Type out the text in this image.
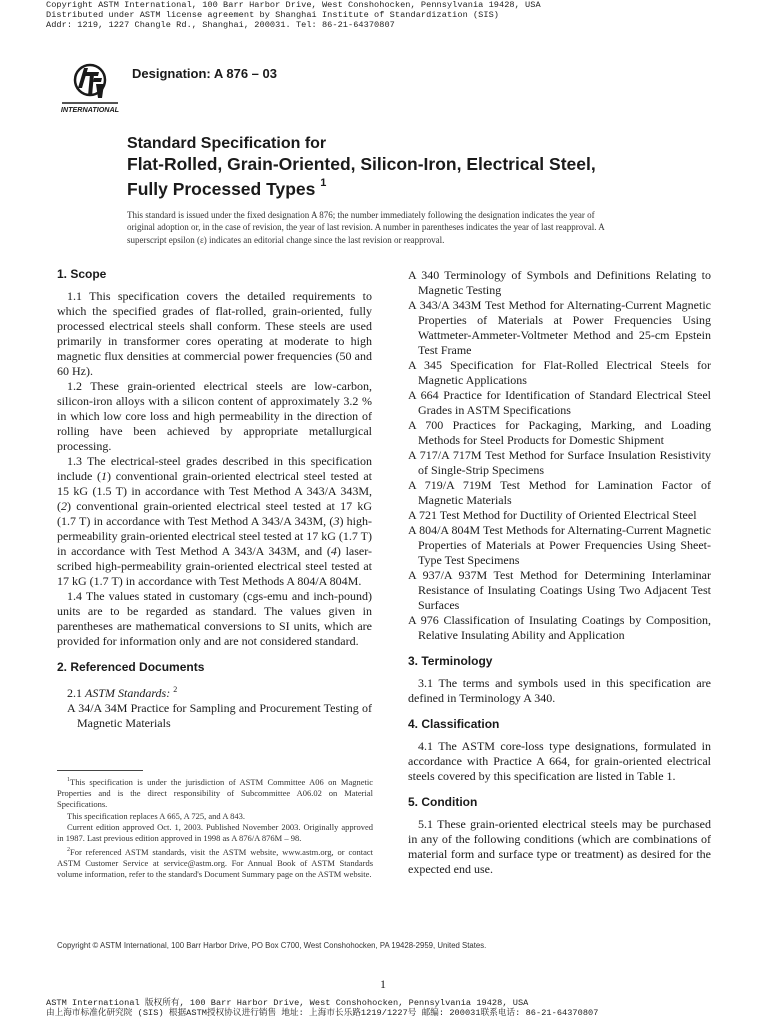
Copyright ASTM International, 100 Barr Harbor Drive, West Conshohocken, Pennsylvania 19428, USA
Distributed under ASTM license agreement by Shanghai Institute of Standardization (SIS)
Addr: 1219, 1227 Changle Rd., Shanghai, 200031. Tel: 86-21-64370807
INTERNATIONAL
Designation: A 876 – 03
Standard Specification for
Flat-Rolled, Grain-Oriented, Silicon-Iron, Electrical Steel,
Fully Processed Types $^1$
This standard is issued under the fixed designation A 876; the number immediately following the designation indicates the year of
original adoption or, in the case of revision, the year of last revision. A number in parentheses indicates the year of last reapproval. A
superscript epsilon (ε) indicates an editorial change since the last revision or reapproval.

1. Scope

1.1 This specification covers the detailed requirements to which the specified grades of flat-rolled, grain-oriented, fully processed electrical steels shall conform. These steels are used primarily in transformer cores operating at moderate to high magnetic flux densities at commercial power frequencies (50 and 60 Hz).

1.2 These grain-oriented electrical steels are low-carbon, silicon-iron alloys with a silicon content of approximately 3.2 % in which low core loss and high permeability in the direction of rolling have been achieved by appropriate metallurgical processing.

1.3 The electrical-steel grades described in this specification include (1) conventional grain-oriented electrical steel tested at 15 kG (1.5 T) in accordance with Test Method A 343/A 343M, (2) conventional grain-oriented electrical steel tested at 17 kG (1.7 T) in accordance with Test Method A 343/A 343M, (3) high-permeability grain-oriented electrical steel tested at 17 kG (1.7 T) in accordance with Test Method A 343/A 343M, and (4) laser-scribed high-permeability grain-oriented electrical steel tested at 17 kG (1.7 T) in accordance with Test Methods A 804/A 804M.

1.4 The values stated in customary (cgs-emu and inch-pound) units are to be regarded as standard. The values given in parentheses are mathematical conversions to SI units, which are provided for information only and are not considered standard.

2. Referenced Documents

2.1 ASTM Standards: $^2$

A 34/A 34M Practice for Sampling and Procurement Testing of Magnetic Materials

A 340 Terminology of Symbols and Definitions Relating to Magnetic Testing

A 343/A 343M Test Method for Alternating-Current Magnetic Properties of Materials at Power Frequencies Using Wattmeter-Ammeter-Voltmeter Method and 25-cm Epstein Test Frame

A 345 Specification for Flat-Rolled Electrical Steels for Magnetic Applications

A 664 Practice for Identification of Standard Electrical Steel Grades in ASTM Specifications

A 700 Practices for Packaging, Marking, and Loading Methods for Steel Products for Domestic Shipment

A 717/A 717M Test Method for Surface Insulation Resistivity of Single-Strip Specimens

A 719/A 719M Test Method for Lamination Factor of Magnetic Materials

A 721 Test Method for Ductility of Oriented Electrical Steel

A 804/A 804M Test Methods for Alternating-Current Magnetic Properties of Materials at Power Frequencies Using Sheet-Type Test Specimens

A 937/A 937M Test Method for Determining Interlaminar Resistance of Insulating Coatings Using Two Adjacent Test Surfaces

A 976 Classification of Insulating Coatings by Composition, Relative Insulating Ability and Application

3. Terminology

3.1 The terms and symbols used in this specification are defined in Terminology A 340.

4. Classification

4.1 The ASTM core-loss type designations, formulated in accordance with Practice A 664, for grain-oriented electrical steels covered by this specification are listed in Table 1.

5. Condition

5.1 These grain-oriented electrical steels may be purchased in any of the following conditions (which are combinations of material form and surface type or treatment) as desired for the expected end use.

$^1$This specification is under the jurisdiction of ASTM Committee A06 on Magnetic Properties and is the direct responsibility of Subcommittee A06.02 on Material Specifications.

This specification replaces A 665, A 725, and A 843.

Current edition approved Oct. 1, 2003. Published November 2003. Originally approved in 1987. Last previous edition approved in 1998 as A 876/A 876M – 98.

$^2$For referenced ASTM standards, visit the ASTM website, www.astm.org, or contact ASTM Customer Service at service@astm.org. For Annual Book of ASTM Standards volume information, refer to the standard's Document Summary page on the ASTM website.

Copyright © ASTM International, 100 Barr Harbor Drive, PO Box C700, West Conshohocken, PA 19428-2959, United States.
1
ASTM International 版权所有, 100 Barr Harbor Drive, West Conshohocken, Pennsylvania 19428, USA
由上海市标准化研究院 (SIS) 根据ASTM授权协议进行销售 地址: 上海市长乐路1219/1227号 邮编: 200031联系电话: 86-21-64370807
